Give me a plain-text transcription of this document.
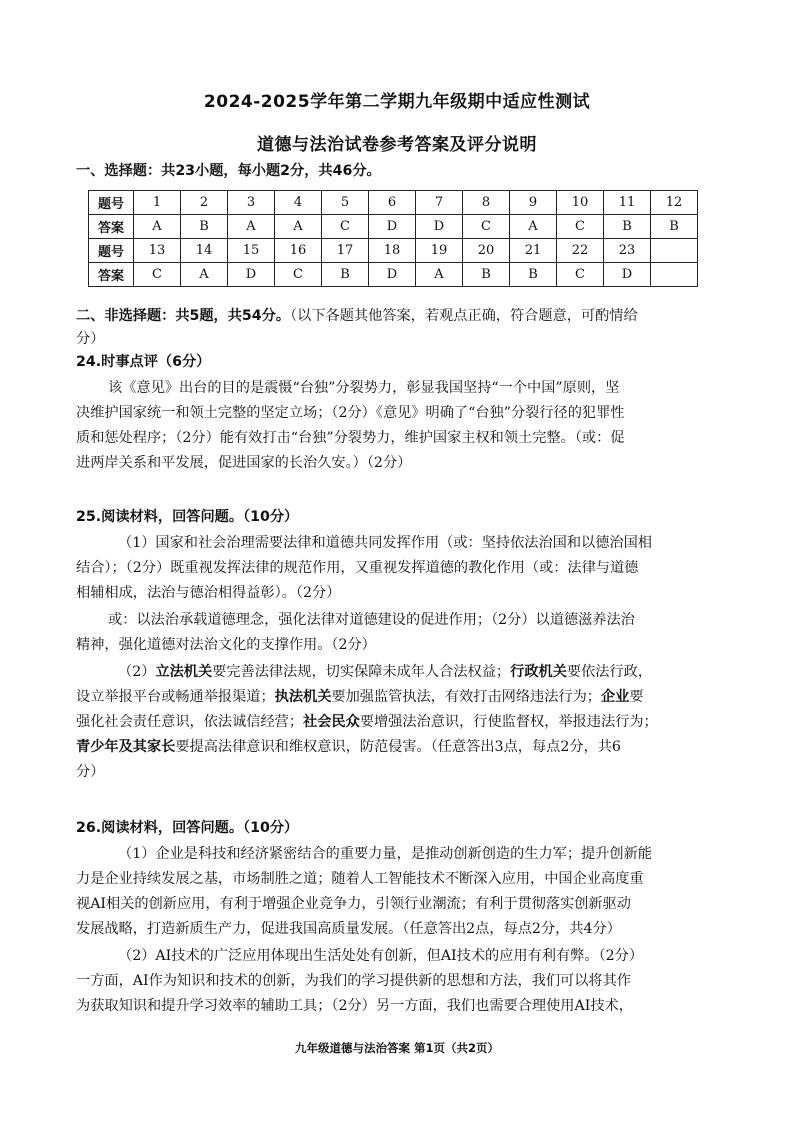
2024-2025学年第二学期九年级期中适应性测试
道德与法治试卷参考答案及评分说明
一、选择题：共23小题，每小题2分，共46分。
题号	1	2	3	4	5	6	7	8	9	10	11	12
答案	A	B	A	A	C	D	D	C	A	C	B	B
题号	13	14	15	16	17	18	19	20	21	22	23	
答案	C	A	D	C	B	D	A	B	B	C	D	
二、非选择题：共5题，共54分。（以下各题其他答案，若观点正确，符合题意，可酌情给
分）
24.时事点评（6分）
该《意见》出台的目的是震慑“台独”分裂势力，彰显我国坚持“一个中国”原则，坚
决维护国家统一和领土完整的坚定立场；（2分）《意见》明确了“台独”分裂行径的犯罪性
质和惩处程序；（2分）能有效打击“台独”分裂势力，维护国家主权和领土完整。（或：促
进两岸关系和平发展，促进国家的长治久安。）（2分）
25.阅读材料，回答问题。（10分）
（1）国家和社会治理需要法律和道德共同发挥作用（或：坚持依法治国和以德治国相
结合）；（2分）既重视发挥法律的规范作用，又重视发挥道德的教化作用（或：法律与道德
相辅相成，法治与德治相得益彰）。（2分）
或：以法治承载道德理念，强化法律对道德建设的促进作用；（2分）以道德滋养法治
精神，强化道德对法治文化的支撑作用。（2分）
（2）立法机关要完善法律法规，切实保障未成年人合法权益；行政机关要依法行政，
设立举报平台或畅通举报渠道；执法机关要加强监管执法，有效打击网络违法行为；企业要
强化社会责任意识，依法诚信经营；社会民众要增强法治意识，行使监督权，举报违法行为；
青少年及其家长要提高法律意识和维权意识，防范侵害。（任意答出3点，每点2分，共6
分）
26.阅读材料，回答问题。（10分）
（1）企业是科技和经济紧密结合的重要力量，是推动创新创造的生力军；提升创新能
力是企业持续发展之基，市场制胜之道；随着人工智能技术不断深入应用，中国企业高度重
视AI相关的创新应用，有利于增强企业竞争力，引领行业潮流；有利于贯彻落实创新驱动
发展战略，打造新质生产力，促进我国高质量发展。（任意答出2点，每点2分，共4分）
（2）AI技术的广泛应用体现出生活处处有创新，但AI技术的应用有利有弊。（2分）
一方面，AI作为知识和技术的创新，为我们的学习提供新的思想和方法，我们可以将其作
为获取知识和提升学习效率的辅助工具；（2分）另一方面，我们也需要合理使用AI技术，
九年级道德与法治答案 第1页（共2页）
